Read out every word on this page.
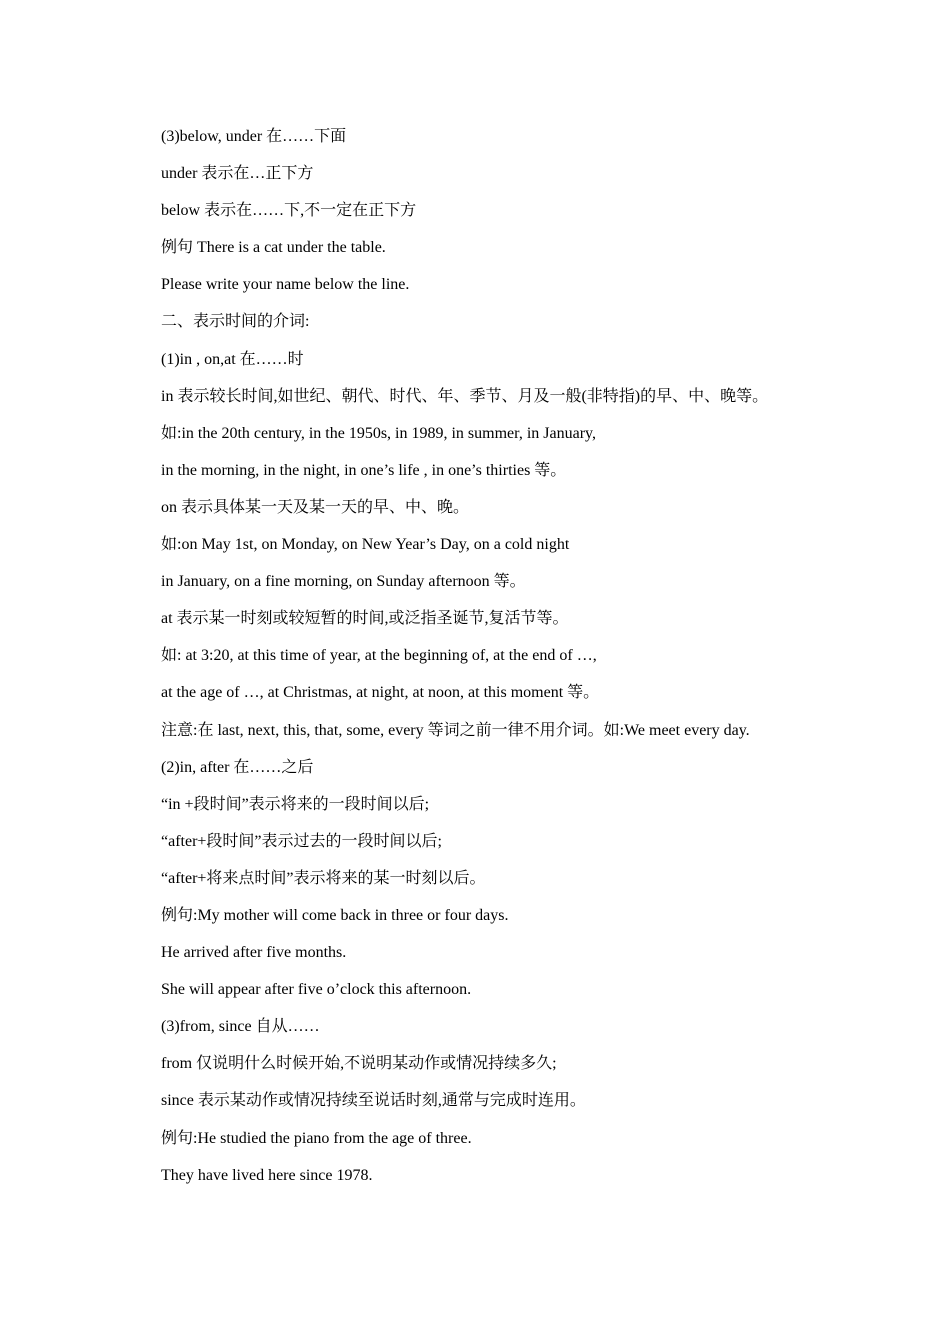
(3)below, under 在……下面
under 表示在…正下方
below 表示在……下,不一定在正下方
例句 There is a cat under the table.
Please write your name below the line.
二、表示时间的介词:
(1)in , on,at 在……时
in 表示较长时间,如世纪、朝代、时代、年、季节、月及一般(非特指)的早、中、晚等。
如:in the 20th century, in the 1950s, in 1989, in summer, in January,
in the morning, in the night, in one’s life , in one’s thirties 等。
on 表示具体某一天及某一天的早、中、晚。
如:on May 1st, on Monday, on New Year’s Day, on a cold night
in January, on a fine morning, on Sunday afternoon 等。
at 表示某一时刻或较短暂的时间,或泛指圣诞节,复活节等。
如: at 3:20, at this time of year, at the beginning of, at the end of …,
at the age of …, at Christmas, at night, at noon, at this moment 等。
注意:在 last, next, this, that, some, every 等词之前一律不用介词。如:We meet every day.
(2)in, after 在……之后
“in +段时间”表示将来的一段时间以后;
“after+段时间”表示过去的一段时间以后;
“after+将来点时间”表示将来的某一时刻以后。
例句:My mother will come back in three or four days.
He arrived after five months.
She will appear after five o’clock this afternoon.
(3)from, since 自从……
from 仅说明什么时候开始,不说明某动作或情况持续多久;
since 表示某动作或情况持续至说话时刻,通常与完成时连用。
例句:He studied the piano from the age of three.
They have lived here since 1978.
